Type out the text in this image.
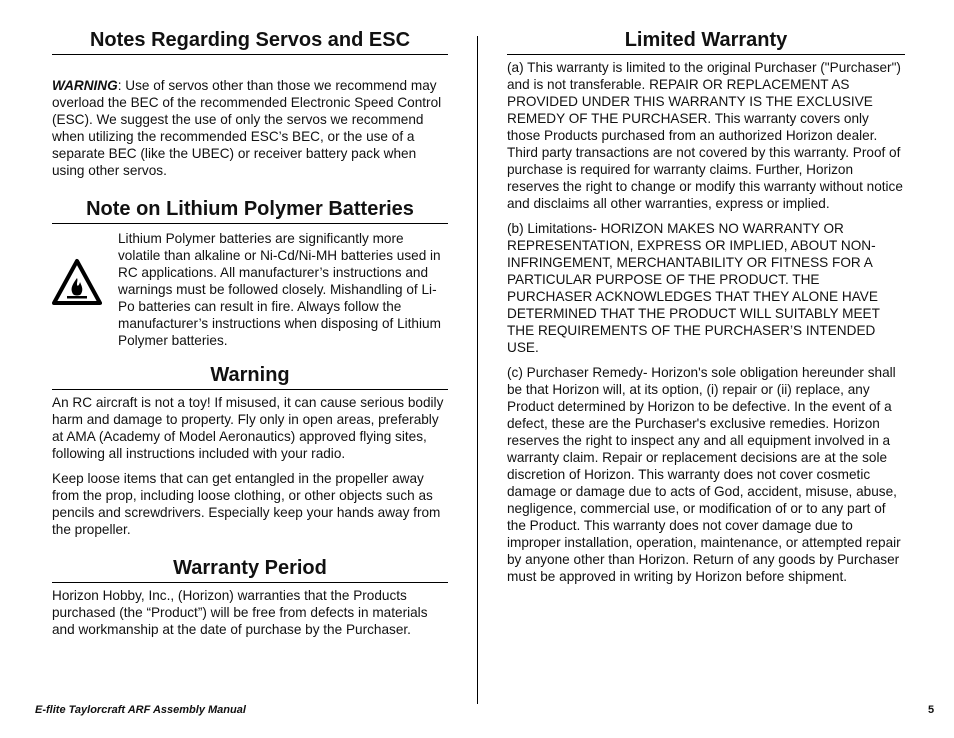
Notes Regarding Servos and ESC

WARNING: Use of servos other than those we recommend may overload the BEC of the recommended Electronic Speed Control (ESC). We suggest the use of only the servos we recommend when utilizing the recommended ESC’s BEC, or the use of a separate BEC (like the UBEC) or receiver battery pack when using other servos.

Note on Lithium Polymer Batteries

Lithium Polymer batteries are significantly more volatile than alkaline or Ni-Cd/Ni-MH batteries used in RC applications. All manufacturer’s instructions and warnings must be followed closely. Mishandling of Li-Po batteries can result in fire. Always follow the manufacturer’s instructions when disposing of Lithium Polymer batteries.

Warning

An RC aircraft is not a toy! If misused, it can cause serious bodily harm and damage to property. Fly only in open areas, preferably at AMA (Academy of Model Aeronautics) approved flying sites, following all instructions included with your radio.

Keep loose items that can get entangled in the propeller away from the prop, including loose clothing, or other objects such as pencils and screwdrivers. Especially keep your hands away from the propeller.

Warranty Period

Horizon Hobby, Inc., (Horizon) warranties that the Products purchased (the “Product”) will be free from defects in materials and workmanship at the date of purchase by the Purchaser.

Limited Warranty

(a) This warranty is limited to the original Purchaser ("Purchaser") and is not transferable. REPAIR OR REPLACEMENT AS PROVIDED UNDER THIS WARRANTY IS THE EXCLUSIVE REMEDY OF THE PURCHASER. This warranty covers only those Products purchased from an authorized Horizon dealer. Third party transactions are not covered by this warranty. Proof of purchase is required for warranty claims. Further, Horizon reserves the right to change or modify this warranty without notice and disclaims all other warranties, express or implied.

(b) Limitations- HORIZON MAKES NO WARRANTY OR REPRESENTATION, EXPRESS OR IMPLIED, ABOUT NON-INFRINGEMENT, MERCHANTABILITY OR FITNESS FOR A PARTICULAR PURPOSE OF THE PRODUCT. THE PURCHASER ACKNOWLEDGES THAT THEY ALONE HAVE DETERMINED THAT THE PRODUCT WILL SUITABLY MEET THE REQUIREMENTS OF THE PURCHASER’S INTENDED USE.

(c) Purchaser Remedy- Horizon's sole obligation hereunder shall be that Horizon will, at its option, (i) repair or (ii) replace, any Product determined by Horizon to be defective. In the event of a defect, these are the Purchaser's exclusive remedies. Horizon reserves the right to inspect any and all equipment involved in a warranty claim. Repair or replacement decisions are at the sole discretion of Horizon. This warranty does not cover cosmetic damage or damage due to acts of God, accident, misuse, abuse, negligence, commercial use, or modification of or to any part of the Product. This warranty does not cover damage due to improper installation, operation, maintenance, or attempted repair by anyone other than Horizon. Return of any goods by Purchaser must be approved in writing by Horizon before shipment.

E-flite Taylorcraft ARF Assembly Manual	5
